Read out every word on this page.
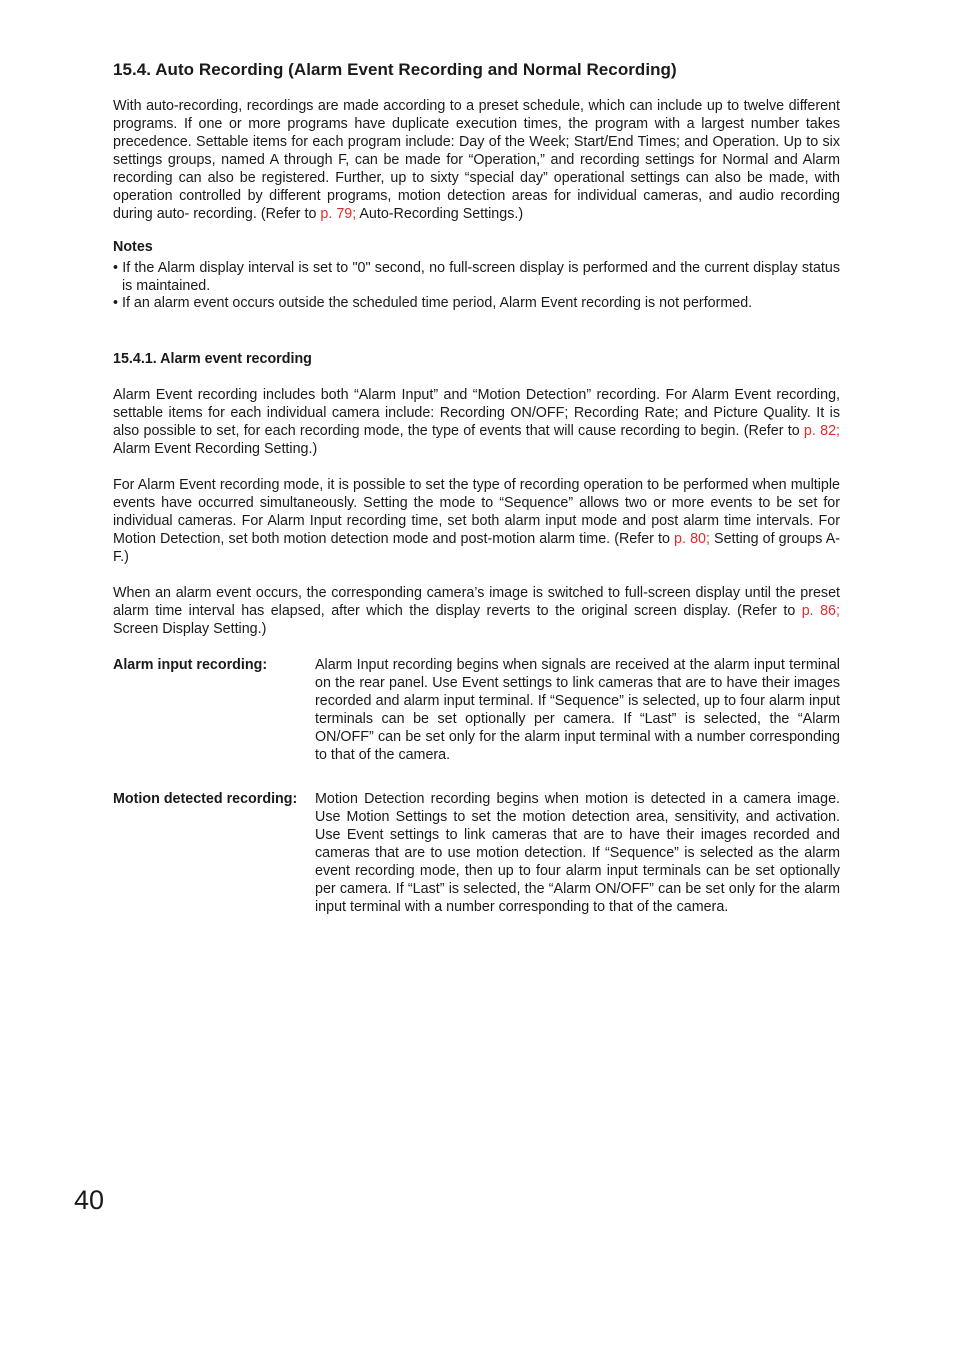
15.4. Auto Recording (Alarm Event Recording and Normal Recording)

With auto-recording, recordings are made according to a preset schedule, which can include up to twelve different programs. If one or more programs have duplicate execution times, the program with a largest number takes precedence. Settable items for each program include: Day of the Week; Start/End Times; and Operation. Up to six settings groups, named A through F, can be made for “Operation,” and recording settings for Normal and Alarm recording can also be registered. Further, up to sixty “special day” operational settings can also be made, with operation controlled by different programs, motion detection areas for individual cameras, and audio recording during auto- recording. (Refer to p. 79; Auto-Recording Settings.)

Notes
• If the Alarm display interval is set to "0" second, no full-screen display is performed and the current display status is maintained.
• If an alarm event occurs outside the scheduled time period, Alarm Event recording is not performed.
15.4.1. Alarm event recording

Alarm Event recording includes both “Alarm Input” and “Motion Detection” recording. For Alarm Event recording, settable items for each individual camera include: Recording ON/OFF; Recording Rate; and Picture Quality. It is also possible to set, for each recording mode, the type of events that will cause recording to begin. (Refer to p. 82; Alarm Event Recording Setting.)

For Alarm Event recording mode, it is possible to set the type of recording operation to be performed when multiple events have occurred simultaneously. Setting the mode to “Sequence” allows two or more events to be set for individual cameras. For Alarm Input recording time, set both alarm input mode and post alarm time intervals. For Motion Detection, set both motion detection mode and post-motion alarm time. (Refer to p. 80; Setting of groups A-F.)

When an alarm event occurs, the corresponding camera’s image is switched to full-screen display until the preset alarm time interval has elapsed, after which the display reverts to the original screen display. (Refer to p. 86; Screen Display Setting.)

Alarm input recording:	Alarm Input recording begins when signals are received at the alarm input terminal on the rear panel. Use Event settings to link cameras that are to have their images recorded and alarm input terminal. If “Sequence” is selected, up to four alarm input terminals can be set optionally per camera. If “Last” is selected, the “Alarm ON/OFF” can be set only for the alarm input terminal with a number corresponding to that of the camera.
Motion detected recording:	Motion Detection recording begins when motion is detected in a camera image. Use Motion Settings to set the motion detection area, sensitivity, and activation. Use Event settings to link cameras that are to have their images recorded and cameras that are to use motion detection. If “Sequence” is selected as the alarm event recording mode, then up to four alarm input terminals can be set optionally per camera. If “Last” is selected, the “Alarm ON/OFF” can be set only for the alarm input terminal with a number corresponding to that of the camera.
40
